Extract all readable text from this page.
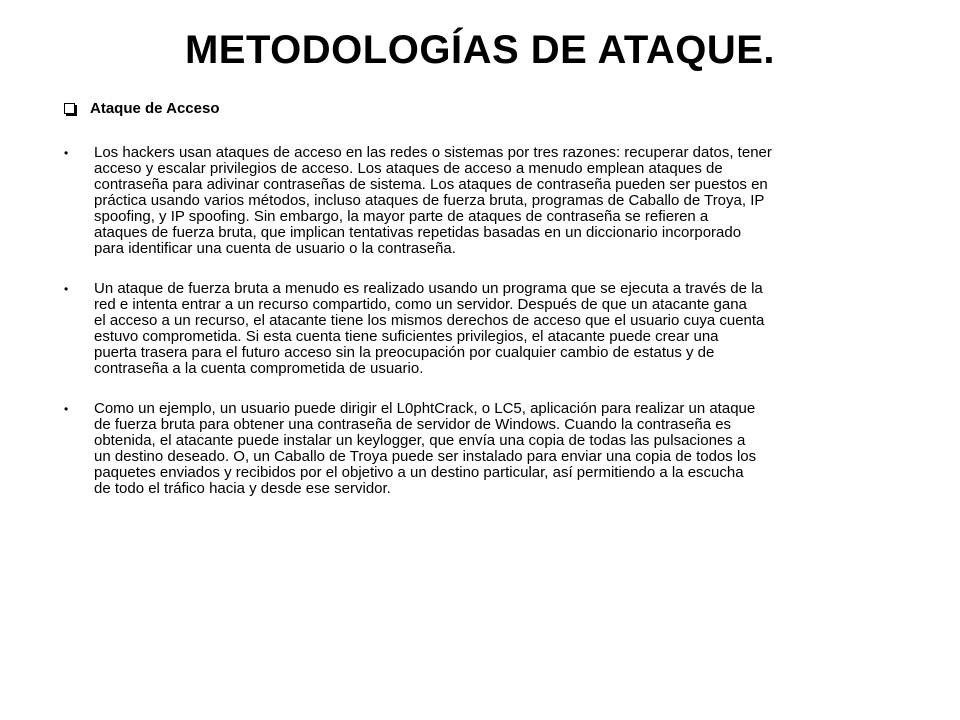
METODOLOGÍAS DE ATAQUE.
Ataque de Acceso
•	Los hackers usan ataques de acceso en las redes o sistemas por tres razones: recuperar datos, tener
acceso y escalar privilegios de acceso. Los ataques de acceso a menudo emplean ataques de
contraseña para adivinar contraseñas de sistema. Los ataques de contraseña pueden ser puestos en
práctica usando varios métodos, incluso ataques de fuerza bruta, programas de Caballo de Troya, IP
spoofing, y IP spoofing. Sin embargo, la mayor parte de ataques de contraseña se refieren a
ataques de fuerza bruta, que implican tentativas repetidas basadas en un diccionario incorporado
para identificar una cuenta de usuario o la contraseña.
•	Un ataque de fuerza bruta a menudo es realizado usando un programa que se ejecuta a través de la
red e intenta entrar a un recurso compartido, como un servidor. Después de que un atacante gana
el acceso a un recurso, el atacante tiene los mismos derechos de acceso que el usuario cuya cuenta
estuvo comprometida. Si esta cuenta tiene suficientes privilegios, el atacante puede crear una
puerta trasera para el futuro acceso sin la preocupación por cualquier cambio de estatus y de
contraseña a la cuenta comprometida de usuario.
•	Como un ejemplo, un usuario puede dirigir el L0phtCrack, o LC5, aplicación para realizar un ataque
de fuerza bruta para obtener una contraseña de servidor de Windows. Cuando la contraseña es
obtenida, el atacante puede instalar un keylogger, que envía una copia de todas las pulsaciones a
un destino deseado. O, un Caballo de Troya puede ser instalado para enviar una copia de todos los
paquetes enviados y recibidos por el objetivo a un destino particular, así permitiendo a la escucha
de todo el tráfico hacia y desde ese servidor.
